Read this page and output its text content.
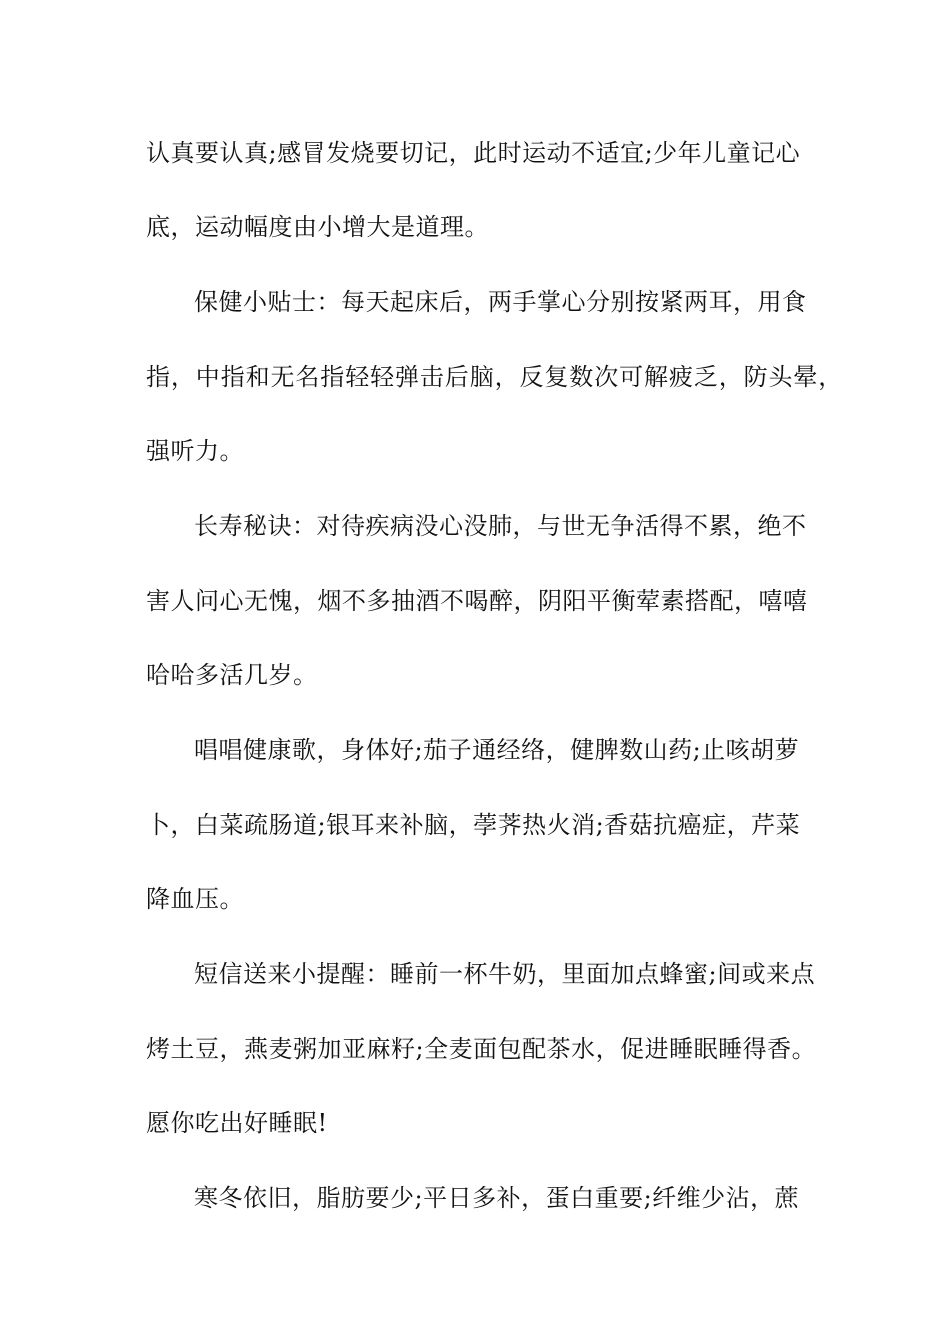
认真要认真;感冒发烧要切记，此时运动不适宜;少年儿童记心
底，运动幅度由小增大是道理。
保健小贴士：每天起床后，两手掌心分别按紧两耳，用食
指，中指和无名指轻轻弹击后脑，反复数次可解疲乏，防头晕，
强听力。
长寿秘诀：对待疾病没心没肺，与世无争活得不累，绝不
害人问心无愧，烟不多抽酒不喝醉，阴阳平衡荤素搭配，嘻嘻
哈哈多活几岁。
唱唱健康歌，身体好;茄子通经络，健脾数山药;止咳胡萝
卜，白菜疏肠道;银耳来补脑，荸荠热火消;香菇抗癌症，芹菜
降血压。
短信送来小提醒：睡前一杯牛奶，里面加点蜂蜜;间或来点
烤土豆，燕麦粥加亚麻籽;全麦面包配茶水，促进睡眠睡得香。
愿你吃出好睡眠!
寒冬依旧，脂肪要少;平日多补，蛋白重要;纤维少沾，蔗
